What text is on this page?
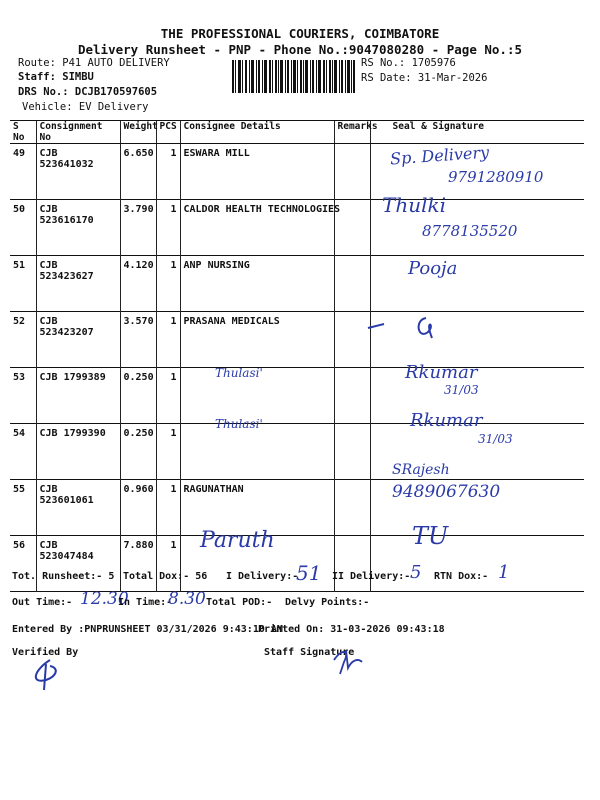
THE PROFESSIONAL COURIERS, COIMBATORE
Delivery Runsheet - PNP - Phone No.:9047080280 - Page No.:5
Route: P41 AUTO DELIVERY
Staff: SIMBU
DRS No.: DCJB170597605
Vehicle: EV Delivery
RS No.: 1705976
RS Date: 31-Mar-2026
S No	Consignment No	Weight	PCS	Consignee Details	Remarks	Seal & Signature
49	CJB 523641032	6.650	1	ESWARA MILL		
50	CJB 523616170	3.790	1	CALDOR HEALTH TECHNOLOGIES		
51	CJB 523423627	4.120	1	ANP NURSING		
52	CJB 523423207	3.570	1	PRASANA MEDICALS		
53	CJB 1799389	0.250	1			
54	CJB 1799390	0.250	1			
55	CJB 523601061	0.960	1	RAGUNATHAN		
56	CJB 523047484	7.880	1			
Sp. Delivery
9791280910
Thulki
8778135520
Pooja
Thulasi'	Rkumar
31/03
Thulasi'	Rkumar
31/03
SRajesh
9489067630
Paruth	TU
Tot. Runsheet:- 5 Total Dox:- 56 I Delivery:-
51 II Delivery:- 5 RTN Dox:- 1
Out Time:- 12.30
In Time:-
8.30 Total POD:- Delvy Points:-
Entered By :PNPRUNSHEET 03/31/2026 9:43:10 AM
Printed On: 31-03-2026 09:43:18
Verified By	Staff Signature
